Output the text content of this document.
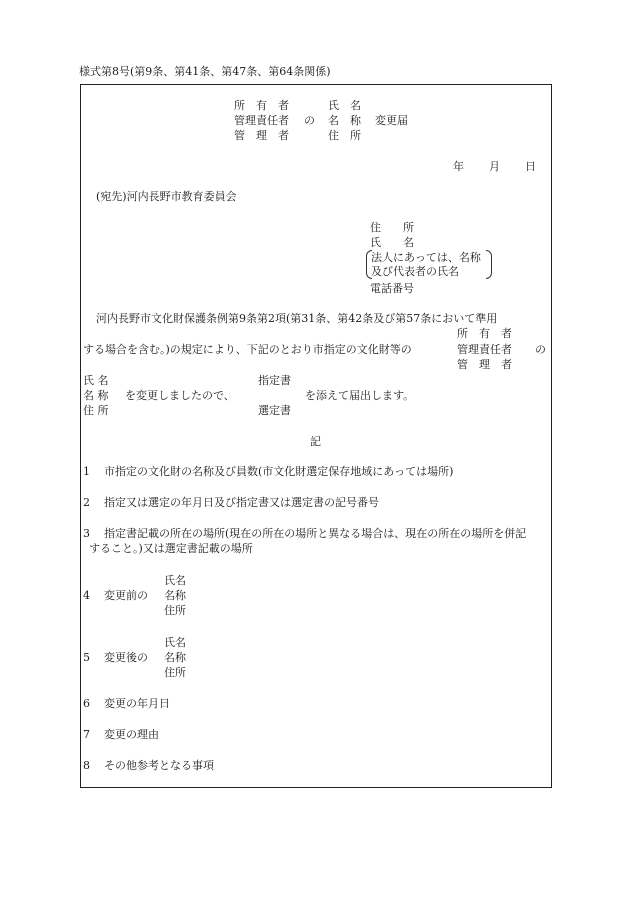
様式第8号(第9条、第41条、第47条、第64条関係)
所　有　者
管理責任者
管　理　者
の
氏　名
名　称
住　所
変更届
年 月 日
(宛先)河内長野市教育委員会
住　　所
氏　　名
法人にあっては、名称
及び代表者の氏名
電話番号
河内長野市文化財保護条例第9条第2項(第31条、第42条及び第57条において準用
所　有　者
する場合を含む。)の規定により、下記のとおり市指定の文化財等の	管理責任者 の
管　理　者
氏 名
名 称
住 所
を変更しましたので、
指定書
選定書
を添えて届出します。
記
1 市指定の文化財の名称及び員数(市文化財選定保存地域にあっては場所)
2 指定又は選定の年月日及び指定書又は選定書の記号番号
3 指定書記載の所在の場所(現在の所在の場所と異なる場合は、現在の所在の場所を併記
すること。)又は選定書記載の場所
4 変更前の
氏名
名称
住所
5 変更後の
氏名
名称
住所
6 変更の年月日
7 変更の理由
8 その他参考となる事項
